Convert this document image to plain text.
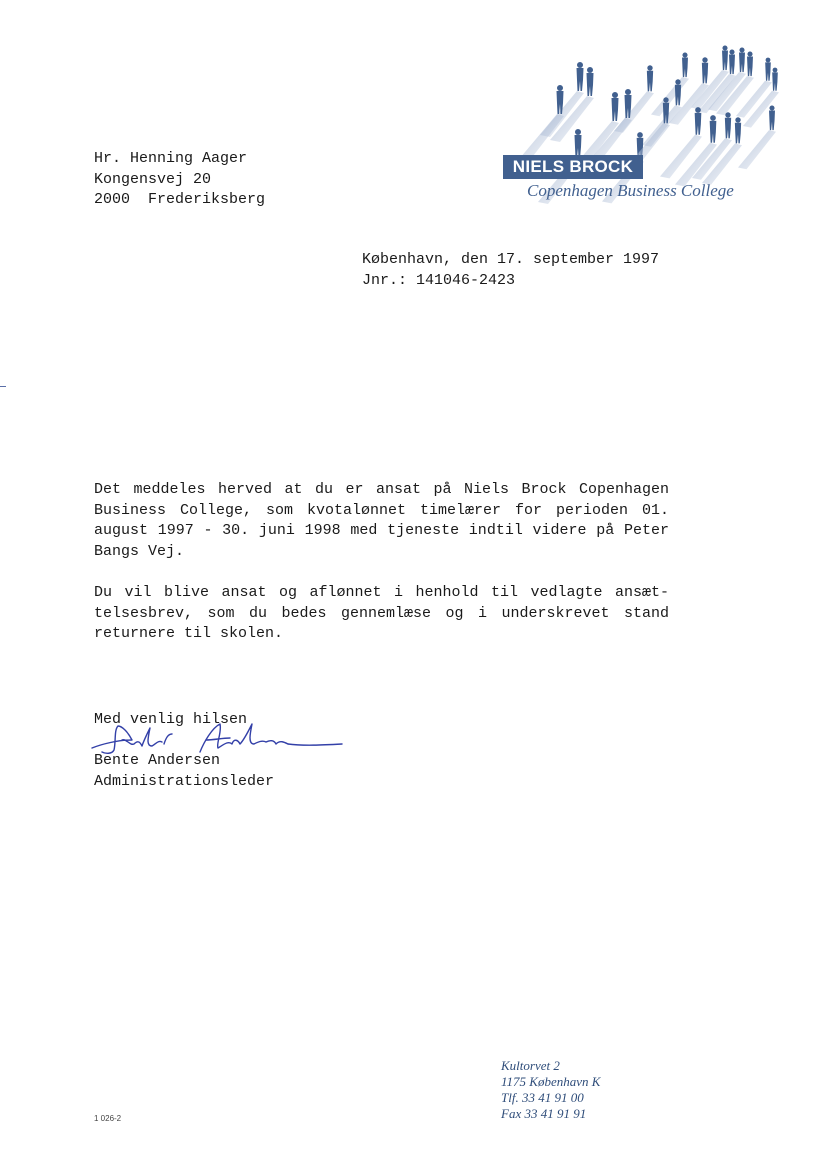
NIELS BROCK
Copenhagen Business College
Hr. Henning Aager
Kongensvej 20
2000  Frederiksberg
København, den 17. september 1997
Jnr.: 141046-2423
Det meddeles herved at du er ansat på Niels Brock Copenhagen Business College, som kvotalønnet timelærer for perioden 01. august 1997 - 30. juni 1998 med tjeneste indtil videre på Peter Bangs Vej.
Du vil blive ansat og aflønnet i henhold til vedlagte ansæt-telsesbrev, som du bedes gennemlæse og i underskrevet stand returnere til skolen.
Med venlig hilsen
Bente Andersen
Administrationsleder
Kultorvet 2
1175 København K
Tlf. 33 41 91 00
Fax 33 41 91 91
1 026-2
